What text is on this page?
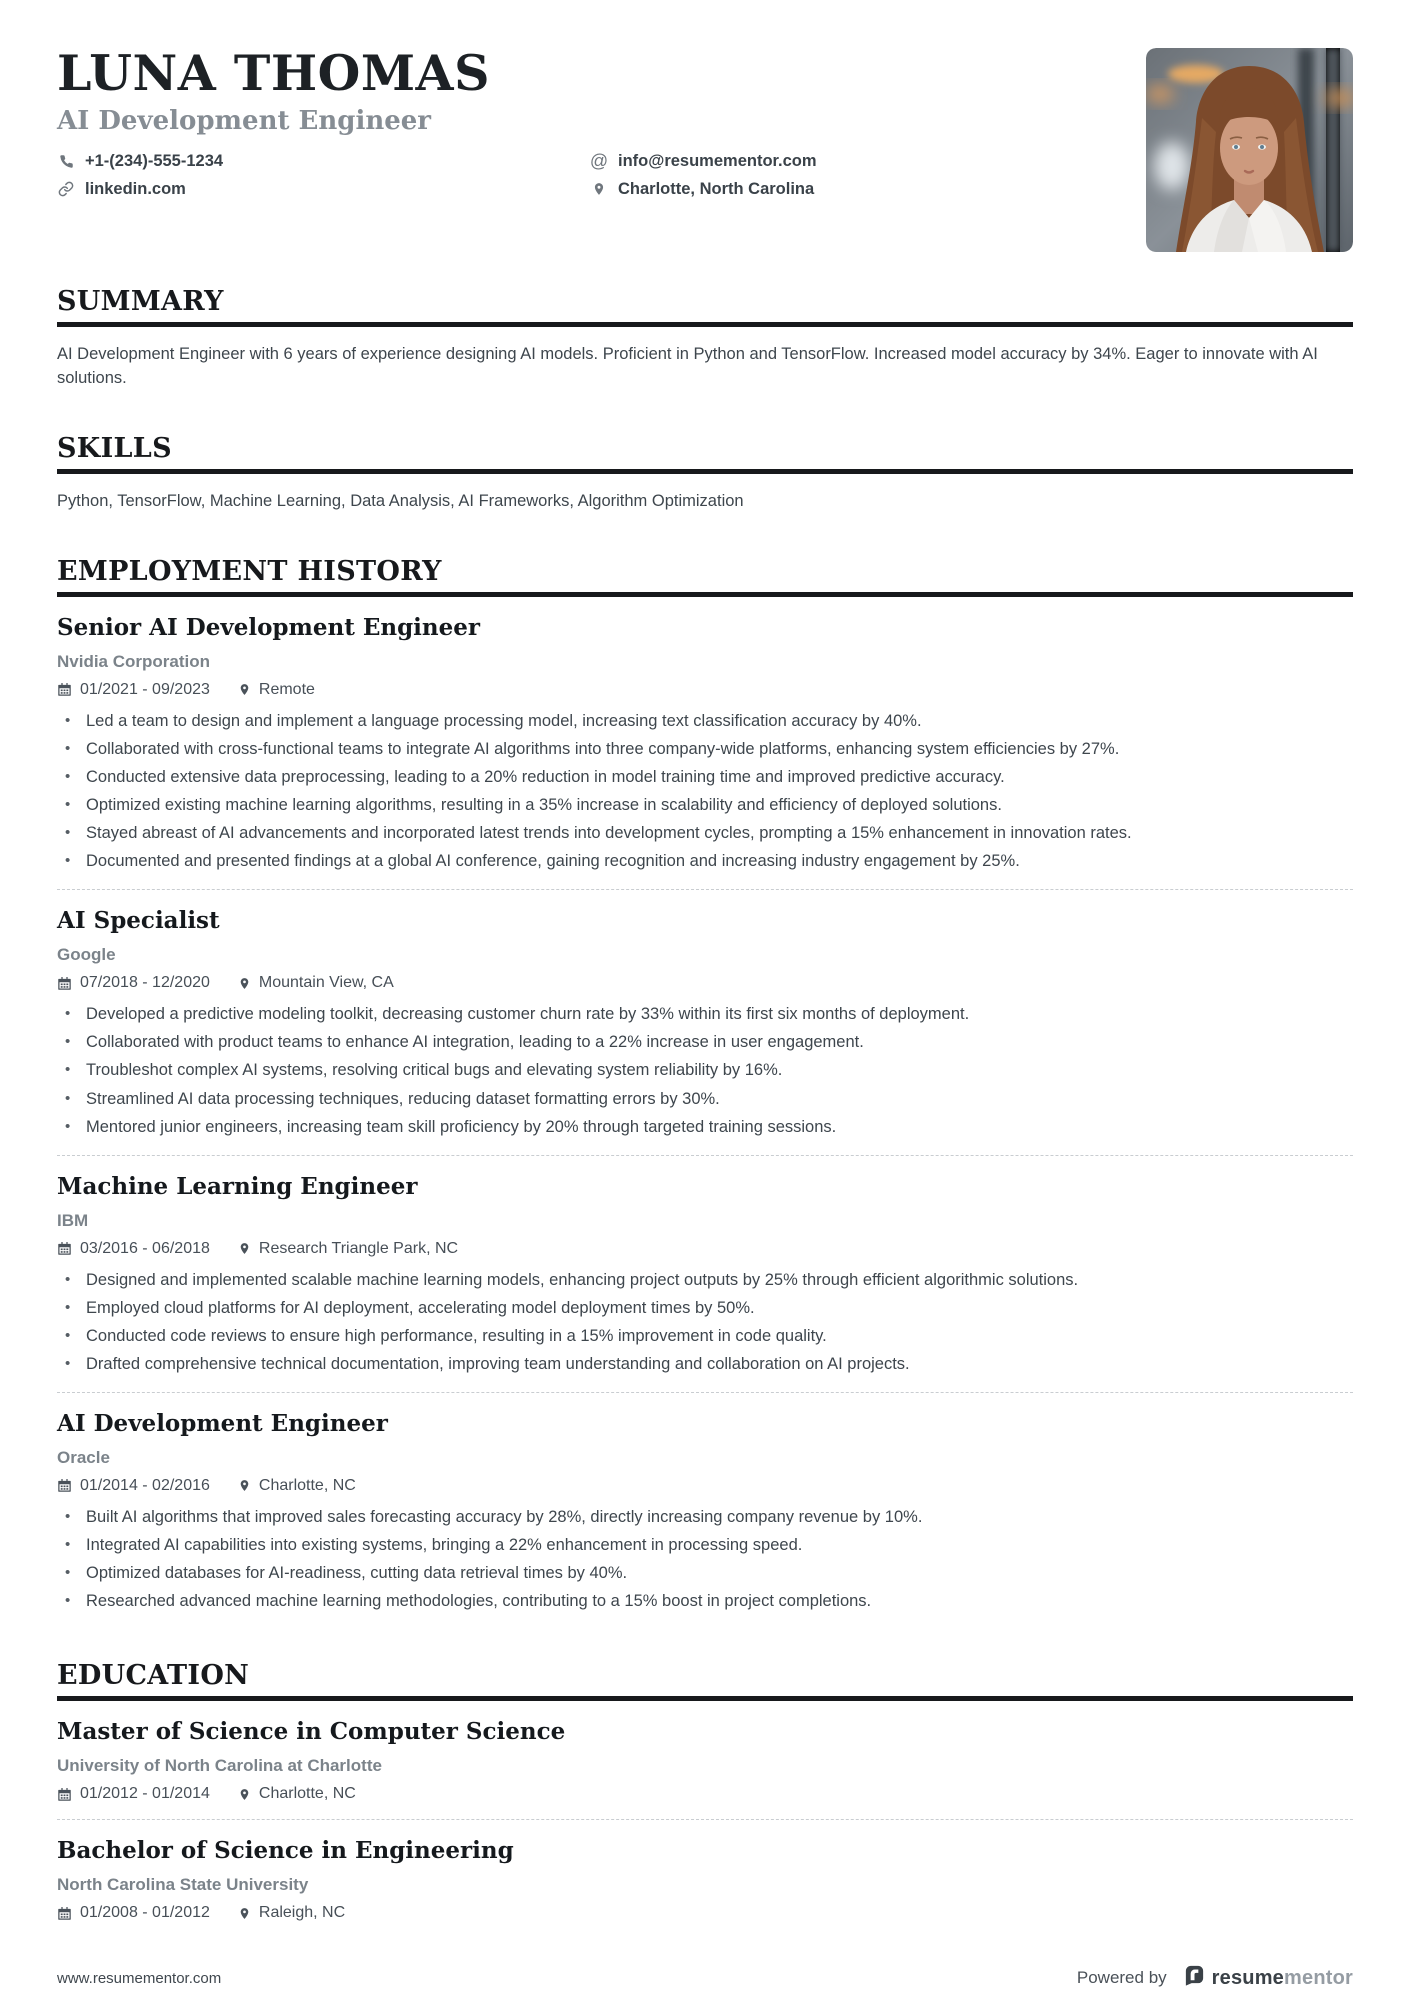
LUNA THOMAS
AI Development Engineer
+1-(234)-555-1234	@ info@resumementor.com
linkedin.com	Charlotte, North Carolina
SUMMARY

AI Development Engineer with 6 years of experience designing AI models. Proficient in Python and TensorFlow. Increased model accuracy by 34%. Eager to innovate with AI solutions.

SKILLS

Python, TensorFlow, Machine Learning, Data Analysis, AI Frameworks, Algorithm Optimization

EMPLOYMENT HISTORY
Senior AI Development Engineer
Nvidia Corporation
01/2021 - 09/2023	Remote
• Led a team to design and implement a language processing model, increasing text classification accuracy by 40%.
• Collaborated with cross-functional teams to integrate AI algorithms into three company-wide platforms, enhancing system efficiencies by 27%.
• Conducted extensive data preprocessing, leading to a 20% reduction in model training time and improved predictive accuracy.
• Optimized existing machine learning algorithms, resulting in a 35% increase in scalability and efficiency of deployed solutions.
• Stayed abreast of AI advancements and incorporated latest trends into development cycles, prompting a 15% enhancement in innovation rates.
• Documented and presented findings at a global AI conference, gaining recognition and increasing industry engagement by 25%.
AI Specialist
Google
07/2018 - 12/2020	Mountain View, CA
• Developed a predictive modeling toolkit, decreasing customer churn rate by 33% within its first six months of deployment.
• Collaborated with product teams to enhance AI integration, leading to a 22% increase in user engagement.
• Troubleshot complex AI systems, resolving critical bugs and elevating system reliability by 16%.
• Streamlined AI data processing techniques, reducing dataset formatting errors by 30%.
• Mentored junior engineers, increasing team skill proficiency by 20% through targeted training sessions.
Machine Learning Engineer
IBM
03/2016 - 06/2018	Research Triangle Park, NC
• Designed and implemented scalable machine learning models, enhancing project outputs by 25% through efficient algorithmic solutions.
• Employed cloud platforms for AI deployment, accelerating model deployment times by 50%.
• Conducted code reviews to ensure high performance, resulting in a 15% improvement in code quality.
• Drafted comprehensive technical documentation, improving team understanding and collaboration on AI projects.
AI Development Engineer
Oracle
01/2014 - 02/2016	Charlotte, NC
• Built AI algorithms that improved sales forecasting accuracy by 28%, directly increasing company revenue by 10%.
• Integrated AI capabilities into existing systems, bringing a 22% enhancement in processing speed.
• Optimized databases for AI-readiness, cutting data retrieval times by 40%.
• Researched advanced machine learning methodologies, contributing to a 15% boost in project completions.
EDUCATION
Master of Science in Computer Science
University of North Carolina at Charlotte
01/2012 - 01/2014	Charlotte, NC
Bachelor of Science in Engineering
North Carolina State University
01/2008 - 01/2012	Raleigh, NC
www.resumementor.com	Powered by resumementor
